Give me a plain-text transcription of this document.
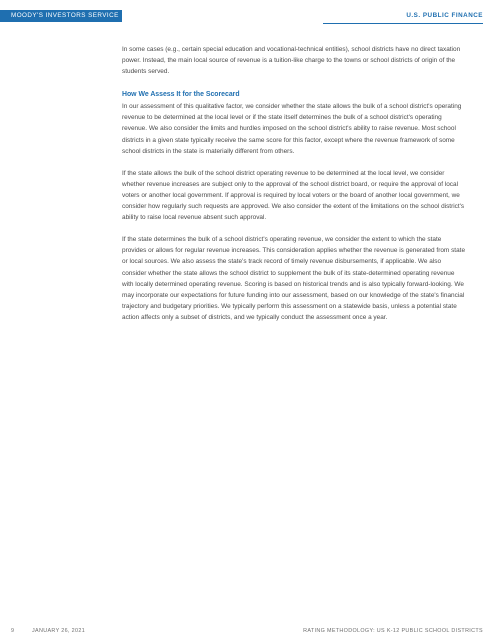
MOODY'S INVESTORS SERVICE	U.S. PUBLIC FINANCE

In some cases (e.g., certain special education and vocational-technical entities), school districts have no direct taxation power. Instead, the main local source of revenue is a tuition-like charge to the towns or school districts of origin of the students served.

How We Assess It for the Scorecard

In our assessment of this qualitative factor, we consider whether the state allows the bulk of a school district's operating revenue to be determined at the local level or if the state itself determines the bulk of a school district's operating revenue. We also consider the limits and hurdles imposed on the school district's ability to raise revenue. Most school districts in a given state typically receive the same score for this factor, except where the revenue framework of some school districts in the state is materially different from others.

If the state allows the bulk of the school district operating revenue to be determined at the local level, we consider whether revenue increases are subject only to the approval of the school district board, or require the approval of local voters or another local government. If approval is required by local voters or the board of another local government, we consider how regularly such requests are approved. We also consider the extent of the limitations on the school district's ability to raise local revenue absent such approval.

If the state determines the bulk of a school district's operating revenue, we consider the extent to which the state provides or allows for regular revenue increases. This consideration applies whether the revenue is generated from state or local sources. We also assess the state's track record of timely revenue disbursements, if applicable. We also consider whether the state allows the school district to supplement the bulk of its state-determined operating revenue with locally determined operating revenue. Scoring is based on historical trends and is also typically forward-looking. We may incorporate our expectations for future funding into our assessment, based on our knowledge of the state's financial trajectory and budgetary priorities. We typically perform this assessment on a statewide basis, unless a potential state action affects only a subset of districts, and we typically conduct the assessment once a year.

9	JANUARY 26, 2021	RATING METHODOLOGY: US K-12 PUBLIC SCHOOL DISTRICTS
